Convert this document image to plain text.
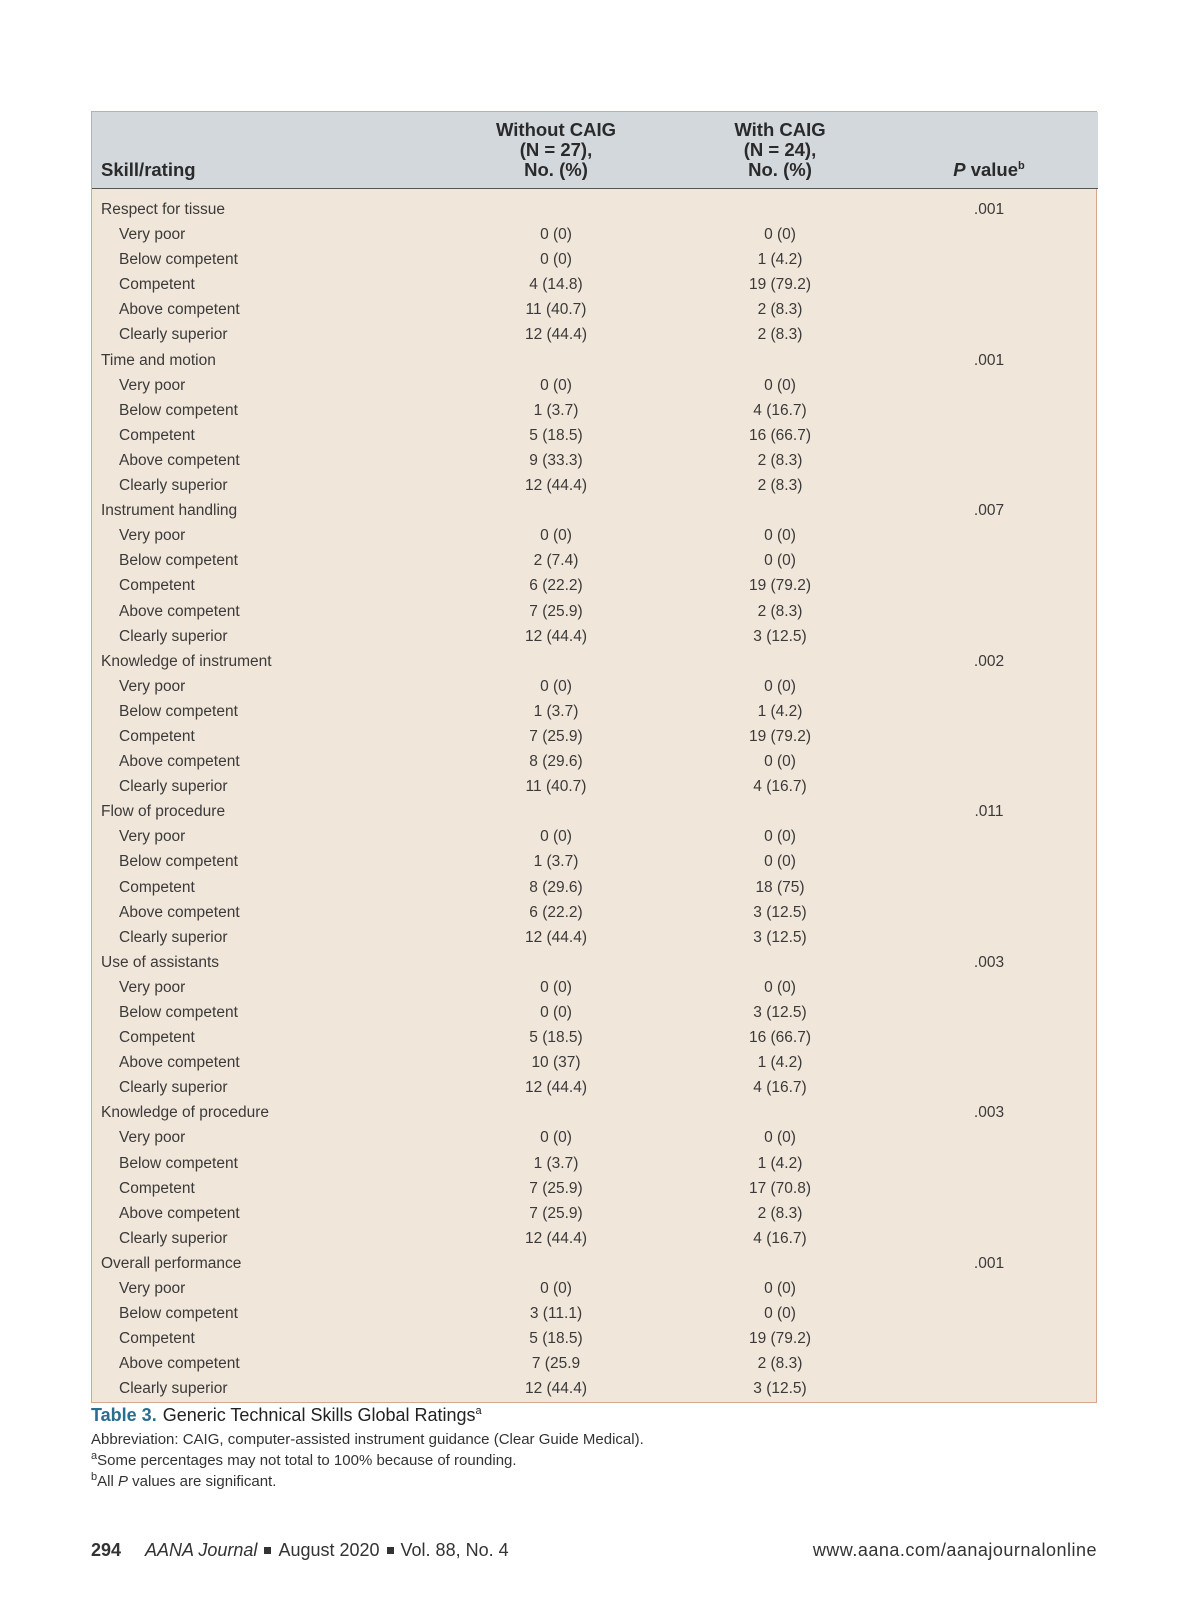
Skill/rating	Without CAIG
(N = 27),
No. (%)	With CAIG
(N = 24),
No. (%)	P value$^b$
Respect for tissue			.001
Very poor	0 (0)	0 (0)	
Below competent	0 (0)	1 (4.2)	
Competent	4 (14.8)	19 (79.2)	
Above competent	11 (40.7)	2 (8.3)	
Clearly superior	12 (44.4)	2 (8.3)	
Time and motion			.001
Very poor	0 (0)	0 (0)	
Below competent	1 (3.7)	4 (16.7)	
Competent	5 (18.5)	16 (66.7)	
Above competent	9 (33.3)	2 (8.3)	
Clearly superior	12 (44.4)	2 (8.3)	
Instrument handling			.007
Very poor	0 (0)	0 (0)	
Below competent	2 (7.4)	0 (0)	
Competent	6 (22.2)	19 (79.2)	
Above competent	7 (25.9)	2 (8.3)	
Clearly superior	12 (44.4)	3 (12.5)	
Knowledge of instrument			.002
Very poor	0 (0)	0 (0)	
Below competent	1 (3.7)	1 (4.2)	
Competent	7 (25.9)	19 (79.2)	
Above competent	8 (29.6)	0 (0)	
Clearly superior	11 (40.7)	4 (16.7)	
Flow of procedure			.011
Very poor	0 (0)	0 (0)	
Below competent	1 (3.7)	0 (0)	
Competent	8 (29.6)	18 (75)	
Above competent	6 (22.2)	3 (12.5)	
Clearly superior	12 (44.4)	3 (12.5)	
Use of assistants			.003
Very poor	0 (0)	0 (0)	
Below competent	0 (0)	3 (12.5)	
Competent	5 (18.5)	16 (66.7)	
Above competent	10 (37)	1 (4.2)	
Clearly superior	12 (44.4)	4 (16.7)	
Knowledge of procedure			.003
Very poor	0 (0)	0 (0)	
Below competent	1 (3.7)	1 (4.2)	
Competent	7 (25.9)	17 (70.8)	
Above competent	7 (25.9)	2 (8.3)	
Clearly superior	12 (44.4)	4 (16.7)	
Overall performance			.001
Very poor	0 (0)	0 (0)	
Below competent	3 (11.1)	0 (0)	
Competent	5 (18.5)	19 (79.2)	
Above competent	7 (25.9	2 (8.3)	
Clearly superior	12 (44.4)	3 (12.5)	
Table 3. Generic Technical Skills Global Ratings$^a$
Abbreviation: CAIG, computer-assisted instrument guidance (Clear Guide Medical).
$^a$Some percentages may not total to 100% because of rounding.
$^b$All P values are significant.
294 AANA Journal August 2020 Vol. 88, No. 4	www.aana.com/aanajournalonline
